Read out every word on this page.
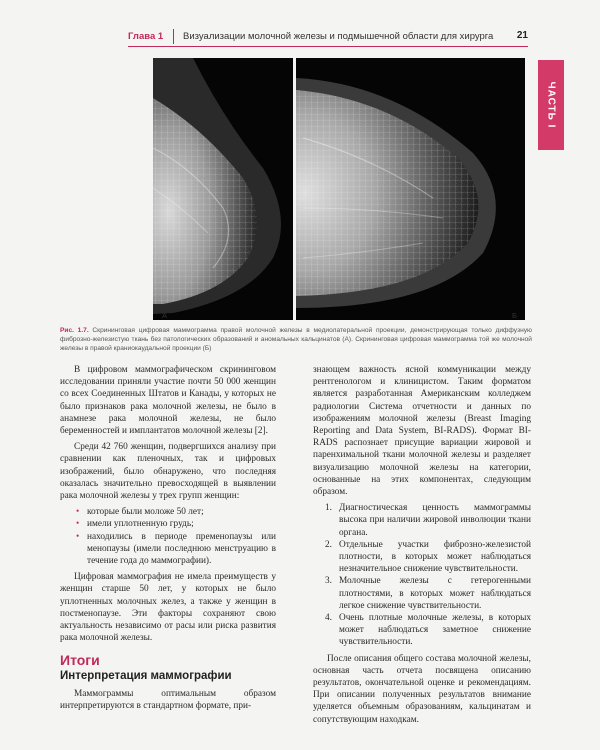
Глава 1 Визуализации молочной железы и подмышечной области для хирурга 21
ЧАСТЬ I
А	Б
Рис. 1.7. Скрининговая цифровая маммограмма правой молочной железы в медиолатеральной проекции, демонстрирующая только диффузную фиброзно-железистую ткань без патологических образований и аномальных кальцинатов (А). Скрининговая цифровая маммограмма той же молочной железы в правой краниокаудальной проекции (Б)

В цифровом маммографическом скрининговом исследовании приняли участие почти 50 000 женщин со всех Соединенных Штатов и Канады, у которых не было признаков рака молочной железы, не было в анамнезе рака молочной железы, не было беременностей и имплантатов молочной железы [2].

Среди 42 760 женщин, подвергшихся анализу при сравнении как пленочных, так и цифровых изображений, было обнаружено, что последняя оказалась значительно превосходящей в выявлении рака молочной железы у трех групп женщин:

• которые были моложе 50 лет;
• имели уплотненную грудь;
• находились в периоде пременопаузы или менопаузы (имели последнюю менструацию в течение года до маммографии).

Цифровая маммография не имела преимуществ у женщин старше 50 лет, у которых не было уплотненных молочных желез, а также у женщин в постменопаузе. Эти факторы сохраняют свою актуальность независимо от расы или риска развития рака молочной железы.

Итоги
Интерпретация маммографии

Маммограммы оптимальным образом интерпретируются в стандартном формате, при-

знающем важность ясной коммуникации между рентгенологом и клиницистом. Таким форматом является разработанная Американским колледжем радиологии Система отчетности и данных по изображениям молочной железы (Breast Imaging Reporting and Data System, BI-RADS). Формат BI-RADS распознает присущие вариации жировой и паренхимальной ткани молочной железы и разделяет визуализацию молочной железы на категории, основанные на этих компонентах, следующим образом.

1. Диагностическая ценность маммограммы высока при наличии жировой инволюции ткани органа.
2. Отдельные участки фиброзно-железистой плотности, в которых может наблюдаться незначительное снижение чувствительности.
3. Молочные железы с гетерогенными плотностями, в которых может наблюдаться легкое снижение чувствительности.
4. Очень плотные молочные железы, в которых может наблюдаться заметное снижение чувствительности.

После описания общего состава молочной железы, основная часть отчета посвящена описанию результатов, окончательной оценке и рекомендациям. При описании полученных результатов внимание уделяется объемным образованиям, кальцинатам и сопутствующим находкам.
